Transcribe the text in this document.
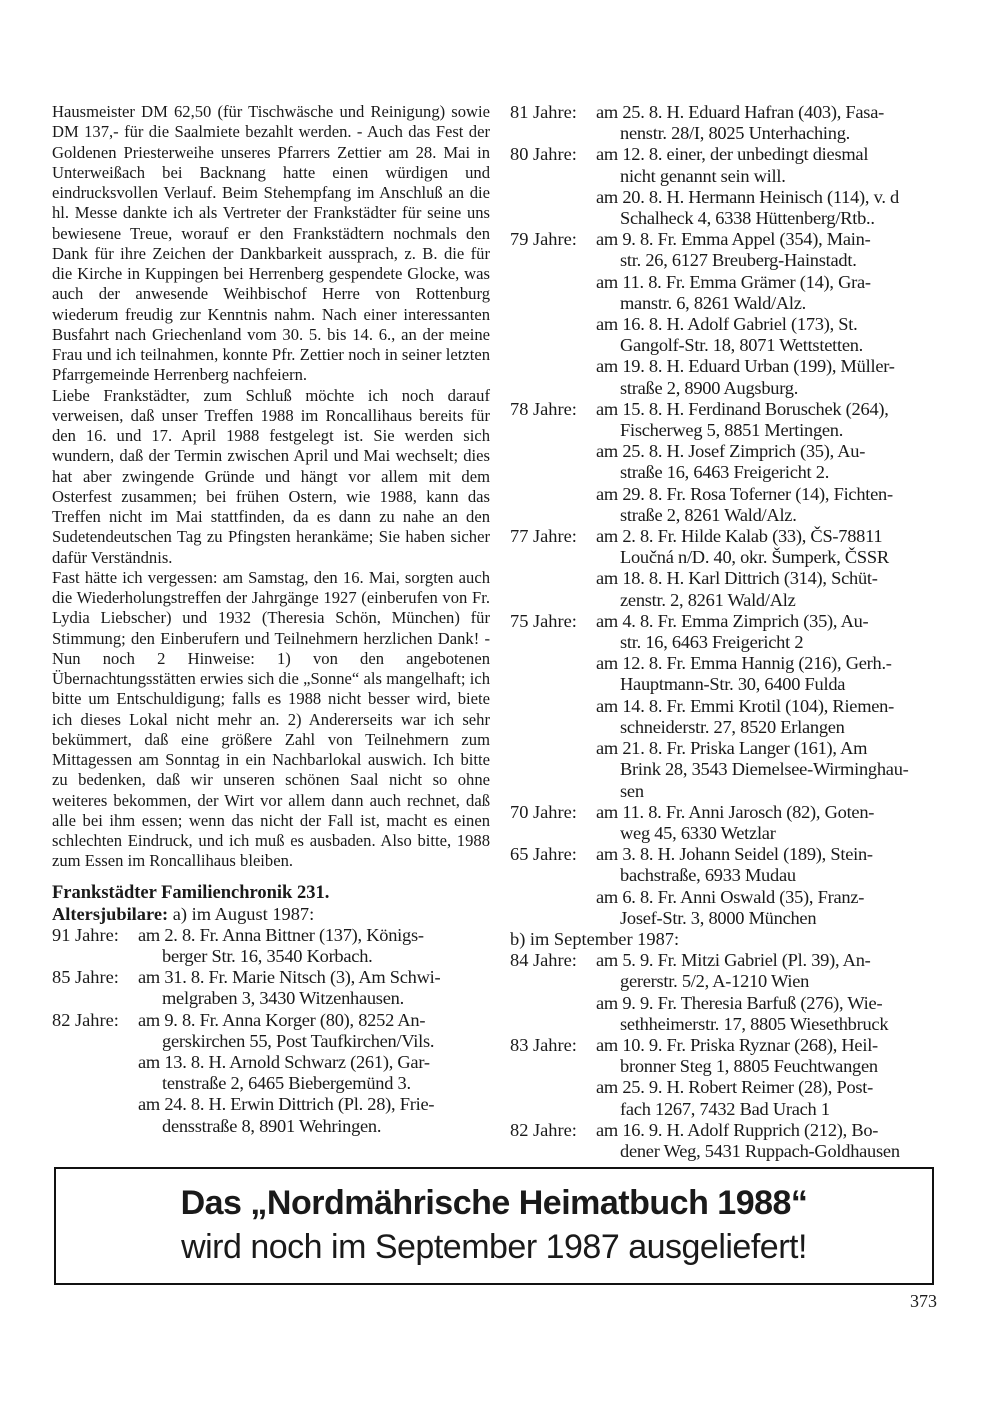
Hausmeister DM 62,50 (für Tischwäsche und Reinigung) sowie DM 137,- für die Saalmiete bezahlt werden. - Auch das Fest der Goldenen Priesterweihe unseres Pfarrers Zettier am 28. Mai in Unterweißach bei Backnang hatte einen würdigen und eindrucksvollen Verlauf. Beim Stehempfang im Anschluß an die hl. Messe dankte ich als Vertreter der Frankstädter für seine uns bewiesene Treue, worauf er den Frankstädtern nochmals den Dank für ihre Zeichen der Dankbarkeit aussprach, z. B. die für die Kirche in Kuppingen bei Herrenberg gespendete Glocke, was auch der anwesende Weihbischof Herre von Rottenburg wiederum freudig zur Kenntnis nahm. Nach einer interessanten Busfahrt nach Griechenland vom 30. 5. bis 14. 6., an der meine Frau und ich teilnahmen, konnte Pfr. Zettier noch in seiner letzten Pfarrgemeinde Herrenberg nachfeiern.

Liebe Frankstädter, zum Schluß möchte ich noch darauf verweisen, daß unser Treffen 1988 im Roncallihaus bereits für den 16. und 17. April 1988 festgelegt ist. Sie werden sich wundern, daß der Termin zwischen April und Mai wechselt; dies hat aber zwingende Gründe und hängt vor allem mit dem Osterfest zusammen; bei frühen Ostern, wie 1988, kann das Treffen nicht im Mai stattfinden, da es dann zu nahe an den Sudetendeutschen Tag zu Pfingsten herankäme; Sie haben sicher dafür Verständnis.

Fast hätte ich vergessen: am Samstag, den 16. Mai, sorgten auch die Wiederholungstreffen der Jahrgänge 1927 (einberufen von Fr. Lydia Liebscher) und 1932 (Theresia Schön, München) für Stimmung; den Einberufern und Teilnehmern herzlichen Dank! - Nun noch 2 Hinweise: 1) von den angebotenen Übernachtungsstätten erwies sich die „Sonne“ als mangelhaft; ich bitte um Entschuldigung; falls es 1988 nicht besser wird, biete ich dieses Lokal nicht mehr an. 2) Andererseits war ich sehr bekümmert, daß eine größere Zahl von Teilnehmern zum Mittagessen am Sonntag in ein Nachbarlokal auswich. Ich bitte zu bedenken, daß wir unseren schönen Saal nicht so ohne weiteres bekommen, der Wirt vor allem dann auch rechnet, daß alle bei ihm essen; wenn das nicht der Fall ist, macht es einen schlechten Eindruck, und ich muß es ausbaden. Also bitte, 1988 zum Essen im Roncallihaus bleiben.

Frankstädter Familienchronik 231.
Altersjubilare: a) im August 1987:
91 Jahre:	am 2. 8. Fr. Anna Bittner (137), Königs-
berger Str. 16, 3540 Korbach.
85 Jahre:	am 31. 8. Fr. Marie Nitsch (3), Am Schwi-
melgraben 3, 3430 Witzenhausen.
82 Jahre:	am 9. 8. Fr. Anna Korger (80), 8252 An-
gerskirchen 55, Post Taufkirchen/Vils.
am 13. 8. H. Arnold Schwarz (261), Gar-
tenstraße 2, 6465 Biebergemünd 3.
am 24. 8. H. Erwin Dittrich (Pl. 28), Frie-
densstraße 8, 8901 Wehringen.
81 Jahre:	am 25. 8. H. Eduard Hafran (403), Fasa-
nenstr. 28/I, 8025 Unterhaching.
80 Jahre:	am 12. 8. einer, der unbedingt diesmal
nicht genannt sein will.
am 20. 8. H. Hermann Heinisch (114), v. d
Schalheck 4, 6338 Hüttenberg/Rtb..
79 Jahre:	am 9. 8. Fr. Emma Appel (354), Main-
str. 26, 6127 Breuberg-Hainstadt.
am 11. 8. Fr. Emma Grämer (14), Gra-
manstr. 6, 8261 Wald/Alz.
am 16. 8. H. Adolf Gabriel (173), St.
Gangolf-Str. 18, 8071 Wettstetten.
am 19. 8. H. Eduard Urban (199), Müller-
straße 2, 8900 Augsburg.
78 Jahre:	am 15. 8. H. Ferdinand Boruschek (264),
Fischerweg 5, 8851 Mertingen.
am 25. 8. H. Josef Zimprich (35), Au-
straße 16, 6463 Freigericht 2.
am 29. 8. Fr. Rosa Toferner (14), Fichten-
straße 2, 8261 Wald/Alz.
77 Jahre:	am 2. 8. Fr. Hilde Kalab (33), ČS-78811
Loučná n/D. 40, okr. Šumperk, ČSSR
am 18. 8. H. Karl Dittrich (314), Schüt-
zenstr. 2, 8261 Wald/Alz
75 Jahre:	am 4. 8. Fr. Emma Zimprich (35), Au-
str. 16, 6463 Freigericht 2
am 12. 8. Fr. Emma Hannig (216), Gerh.-
Hauptmann-Str. 30, 6400 Fulda
am 14. 8. Fr. Emmi Krotil (104), Riemen-
schneiderstr. 27, 8520 Erlangen
am 21. 8. Fr. Priska Langer (161), Am
Brink 28, 3543 Diemelsee-Wirminghau-
sen
70 Jahre:	am 11. 8. Fr. Anni Jarosch (82), Goten-
weg 45, 6330 Wetzlar
65 Jahre:	am 3. 8. H. Johann Seidel (189), Stein-
bachstraße, 6933 Mudau
am 6. 8. Fr. Anni Oswald (35), Franz-
Josef-Str. 3, 8000 München
b) im September 1987:
84 Jahre:	am 5. 9. Fr. Mitzi Gabriel (Pl. 39), An-
gererstr. 5/2, A-1210 Wien
am 9. 9. Fr. Theresia Barfuß (276), Wie-
sethheimerstr. 17, 8805 Wiesethbruck
83 Jahre:	am 10. 9. Fr. Priska Ryznar (268), Heil-
bronner Steg 1, 8805 Feuchtwangen
am 25. 9. H. Robert Reimer (28), Post-
fach 1267, 7432 Bad Urach 1
82 Jahre:	am 16. 9. H. Adolf Rupprich (212), Bo-
dener Weg, 5431 Ruppach-Goldhausen
Das „Nordmährische Heimatbuch 1988“
wird noch im September 1987 ausgeliefert!
373
